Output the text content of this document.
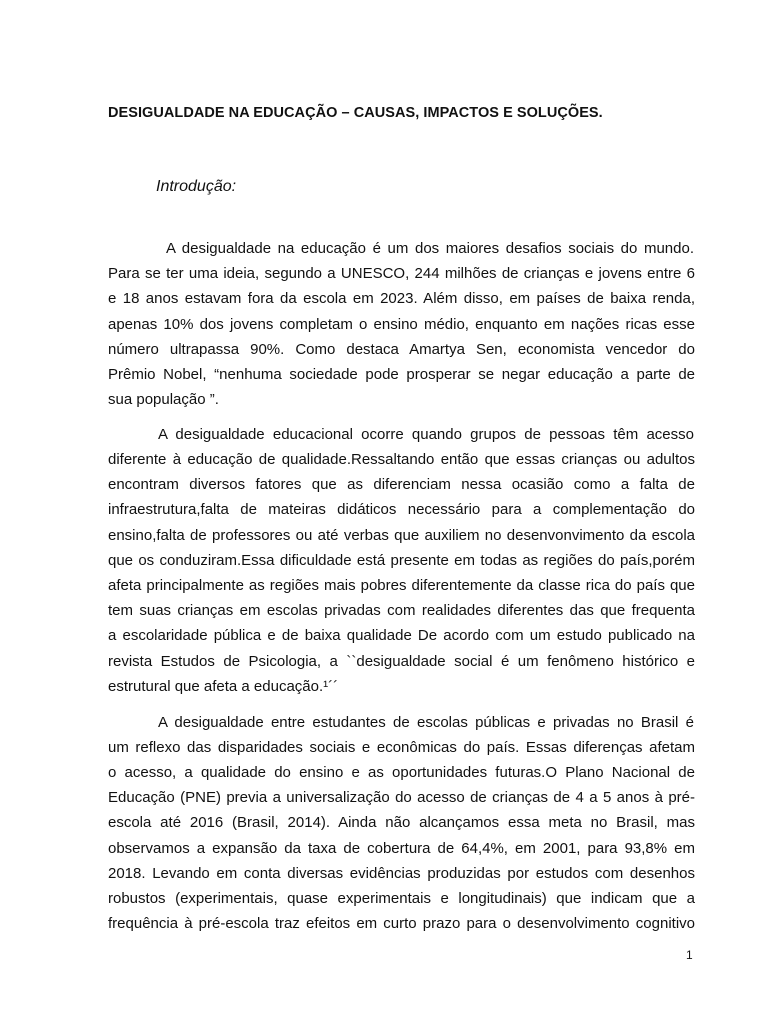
DESIGUALDADE NA EDUCAÇÃO – CAUSAS, IMPACTOS E SOLUÇÕES.
Introdução:
A desigualdade na educação é um dos maiores desafios sociais do mundo.
Para se ter uma ideia, segundo a UNESCO, 244 milhões de crianças e jovens entre 6
e 18 anos estavam fora da escola em 2023. Além disso, em países de baixa renda,
apenas 10% dos jovens completam o ensino médio, enquanto em nações ricas esse
número ultrapassa 90%. Como destaca Amartya Sen, economista vencedor do
Prêmio Nobel, “nenhuma sociedade pode prosperar se negar educação a parte de
sua população ”.
A desigualdade educacional ocorre quando grupos de pessoas têm acesso
diferente à educação de qualidade.Ressaltando então que essas crianças ou adultos
encontram diversos fatores que as diferenciam nessa ocasião como a falta de
infraestrutura,falta de mateiras didáticos necessário para a complementação do
ensino,falta de professores ou até verbas que auxiliem no desenvonvimento da escola
que os conduziram.Essa dificuldade está presente em todas as regiões do país,porém
afeta principalmente as regiões mais pobres diferentemente da classe rica do país que
tem suas crianças em escolas privadas com realidades diferentes das que frequenta
a escolaridade pública e de baixa qualidade De acordo com um estudo publicado na
revista Estudos de Psicologia, a ``desigualdade social é um fenômeno histórico e
estrutural que afeta a educação.¹´´
A desigualdade entre estudantes de escolas públicas e privadas no Brasil é
um reflexo das disparidades sociais e econômicas do país. Essas diferenças afetam
o acesso, a qualidade do ensino e as oportunidades futuras.O Plano Nacional de
Educação (PNE) previa a universalização do acesso de crianças de 4 a 5 anos à pré-
escola até 2016 (Brasil, 2014). Ainda não alcançamos essa meta no Brasil, mas
observamos a expansão da taxa de cobertura de 64,4%, em 2001, para 93,8% em
2018. Levando em conta diversas evidências produzidas por estudos com desenhos
robustos (experimentais, quase experimentais e longitudinais) que indicam que a
frequência à pré-escola traz efeitos em curto prazo para o desenvolvimento cognitivo
1
